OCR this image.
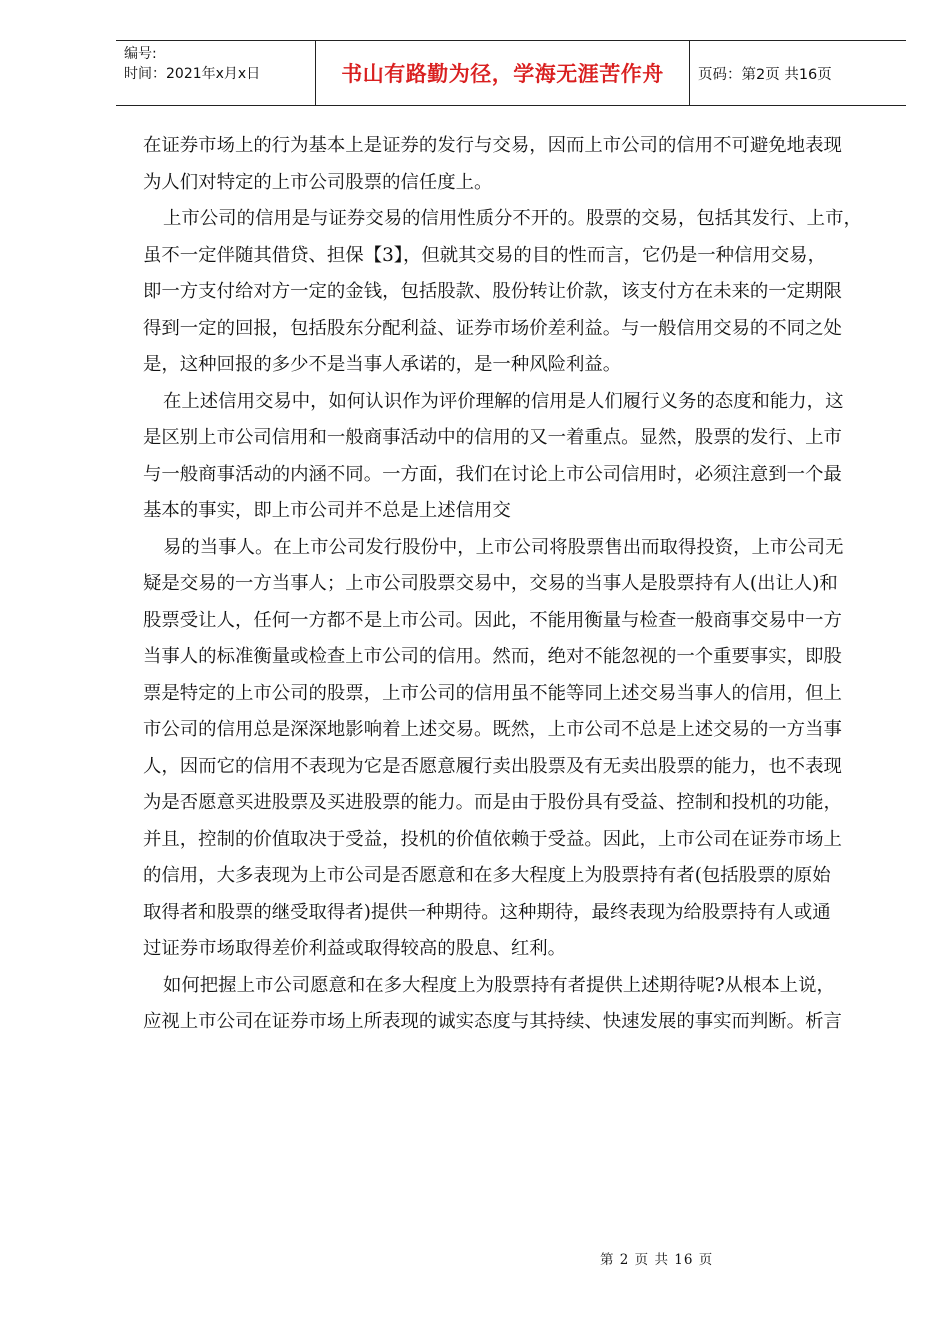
编号:
时间：2021年x月x日	书山有路勤为径，学海无涯苦作舟	页码：第2页 共16页
在证券市场上的行为基本上是证券的发行与交易，因而上市公司的信用不可避免地表现
为人们对特定的上市公司股票的信任度上。
上市公司的信用是与证券交易的信用性质分不开的。股票的交易，包括其发行、上市，
虽不一定伴随其借贷、担保【3】，但就其交易的目的性而言，它仍是一种信用交易，
即一方支付给对方一定的金钱，包括股款、股份转让价款，该支付方在未来的一定期限
得到一定的回报，包括股东分配利益、证券市场价差利益。与一般信用交易的不同之处
是，这种回报的多少不是当事人承诺的，是一种风险利益。
在上述信用交易中，如何认识作为评价理解的信用是人们履行义务的态度和能力，这
是区别上市公司信用和一般商事活动中的信用的又一着重点。显然，股票的发行、上市
与一般商事活动的内涵不同。一方面，我们在讨论上市公司信用时，必须注意到一个最
基本的事实，即上市公司并不总是上述信用交
易的当事人。在上市公司发行股份中，上市公司将股票售出而取得投资，上市公司无
疑是交易的一方当事人；上市公司股票交易中，交易的当事人是股票持有人(出让人)和
股票受让人，任何一方都不是上市公司。因此，不能用衡量与检查一般商事交易中一方
当事人的标准衡量或检查上市公司的信用。然而，绝对不能忽视的一个重要事实，即股
票是特定的上市公司的股票，上市公司的信用虽不能等同上述交易当事人的信用，但上
市公司的信用总是深深地影响着上述交易。既然，上市公司不总是上述交易的一方当事
人，因而它的信用不表现为它是否愿意履行卖出股票及有无卖出股票的能力，也不表现
为是否愿意买进股票及买进股票的能力。而是由于股份具有受益、控制和投机的功能，
并且，控制的价值取决于受益，投机的价值依赖于受益。因此，上市公司在证券市场上
的信用，大多表现为上市公司是否愿意和在多大程度上为股票持有者(包括股票的原始
取得者和股票的继受取得者)提供一种期待。这种期待，最终表现为给股票持有人或通
过证券市场取得差价利益或取得较高的股息、红利。
如何把握上市公司愿意和在多大程度上为股票持有者提供上述期待呢?从根本上说，
应视上市公司在证券市场上所表现的诚实态度与其持续、快速发展的事实而判断。析言
第 2 页 共 16 页
